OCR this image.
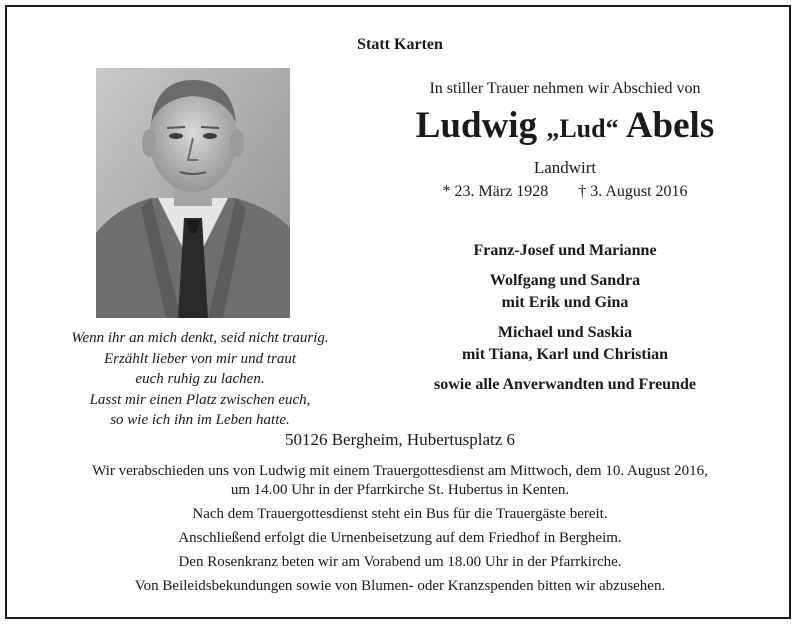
Statt Karten
Wenn ihr an mich denkt, seid nicht traurig.
Erzählt lieber von mir und traut
euch ruhig zu lachen.
Lasst mir einen Platz zwischen euch,
so wie ich ihn im Leben hatte.
In stiller Trauer nehmen wir Abschied von
Ludwig „Lud“ Abels
Landwirt
* 23. März 1928 † 3. August 2016
Franz-Josef und Marianne
Wolfgang und Sandra
mit Erik und Gina
Michael und Saskia
mit Tiana, Karl und Christian
sowie alle Anverwandten und Freunde
50126 Bergheim, Hubertusplatz 6

Wir verabschieden uns von Ludwig mit einem Trauergottesdienst am Mittwoch, dem 10. August 2016,
um 14.00 Uhr in der Pfarrkirche St. Hubertus in Kenten.

Nach dem Trauergottesdienst steht ein Bus für die Trauergäste bereit.

Anschließend erfolgt die Urnenbeisetzung auf dem Friedhof in Bergheim.

Den Rosenkranz beten wir am Vorabend um 18.00 Uhr in der Pfarrkirche.

Von Beileidsbekundungen sowie von Blumen- oder Kranzspenden bitten wir abzusehen.
